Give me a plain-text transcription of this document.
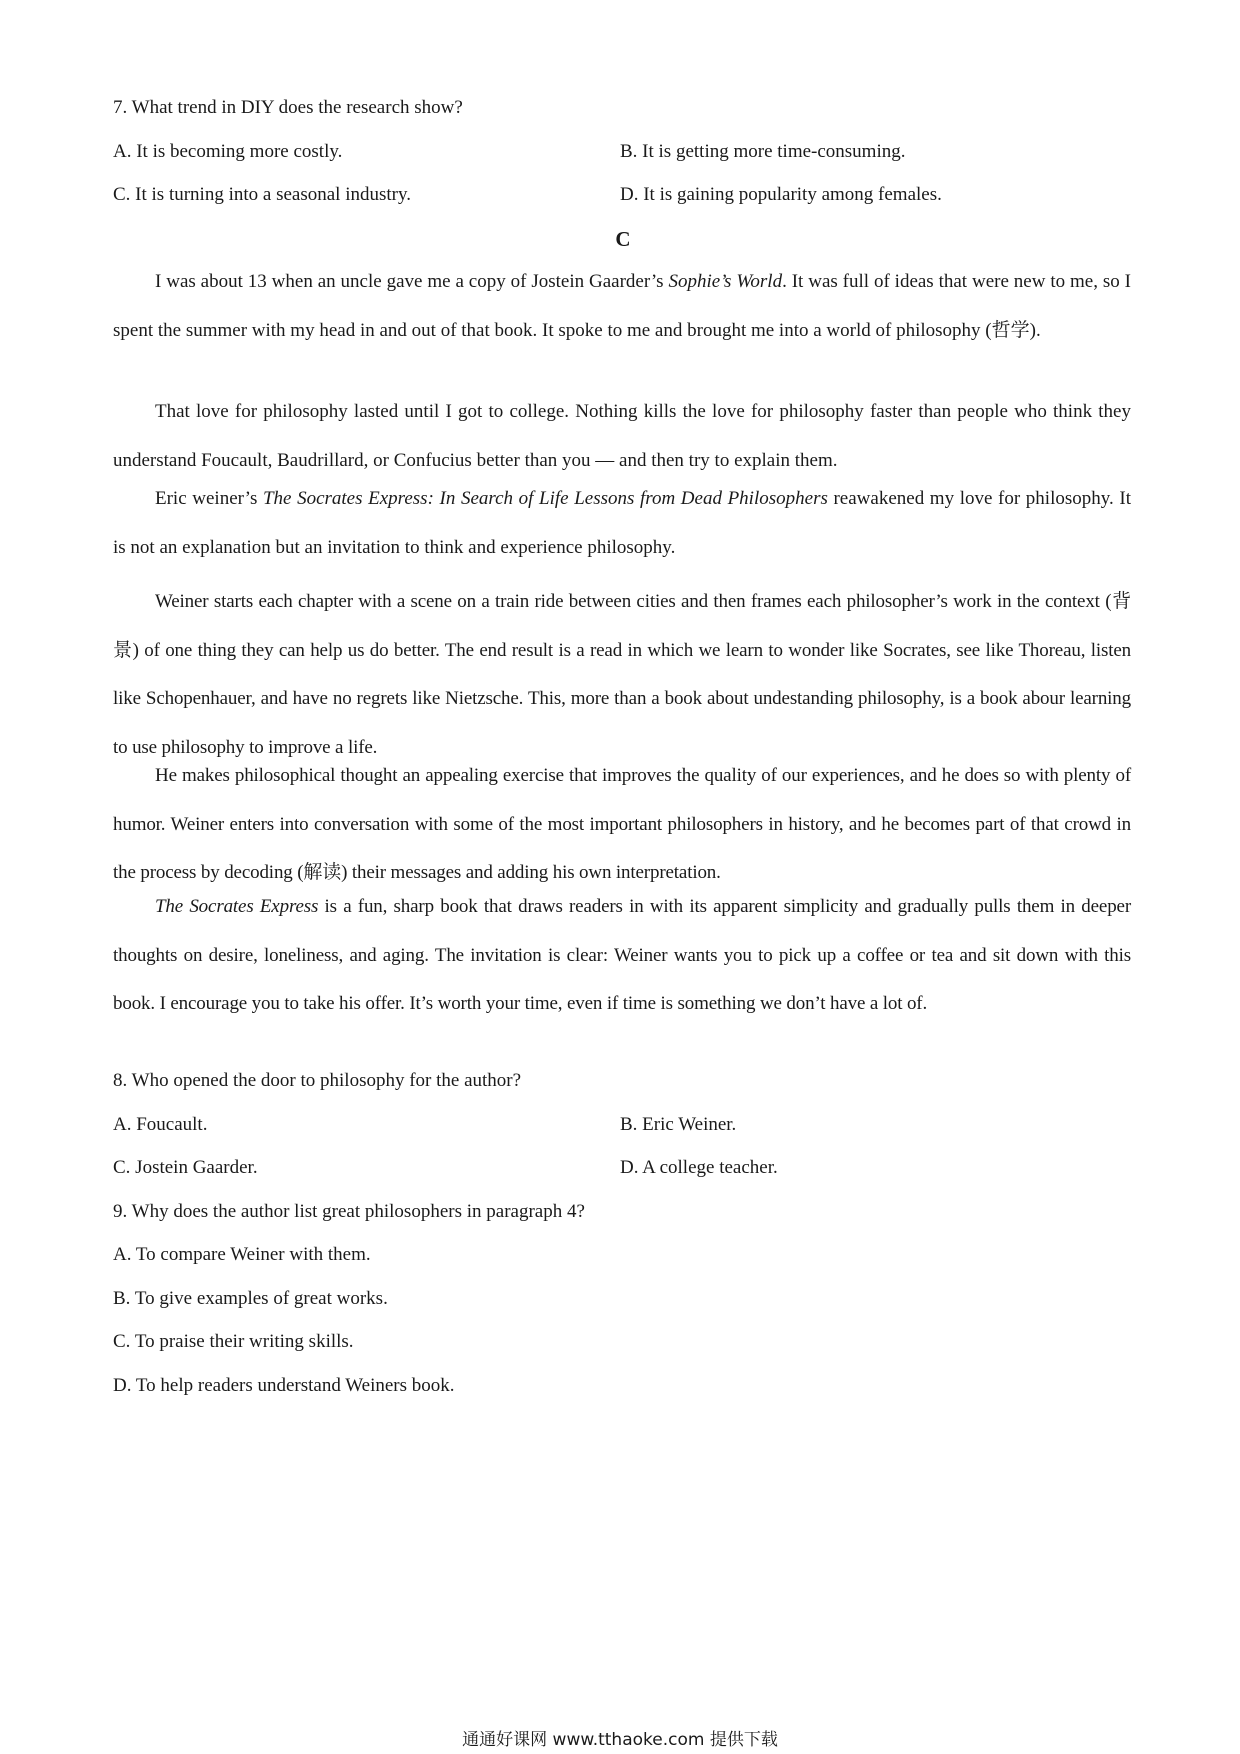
7. What trend in DIY does the research show?
A. It is becoming more costly.	B. It is getting more time-consuming.
C. It is turning into a seasonal industry.	D. It is gaining popularity among females.
C
I was about 13 when an uncle gave me a copy of Jostein Gaarder’s Sophie’s World. It was full of ideas that were new to me, so I spent the summer with my head in and out of that book. It spoke to me and brought me into a world of philosophy (哲学).
That love for philosophy lasted until I got to college. Nothing kills the love for philosophy faster than people who think they understand Foucault, Baudrillard, or Confucius better than you — and then try to explain them.
Eric weiner’s The Socrates Express: In Search of Life Lessons from Dead Philosophers reawakened my love for philosophy. It is not an explanation but an invitation to think and experience philosophy.
Weiner starts each chapter with a scene on a train ride between cities and then frames each philosopher’s work in the context (背景) of one thing they can help us do better. The end result is a read in which we learn to wonder like Socrates, see like Thoreau, listen like Schopenhauer, and have no regrets like Nietzsche. This, more than a book about undestanding philosophy, is a book abour learning to use philosophy to improve a life.
He makes philosophical thought an appealing exercise that improves the quality of our experiences, and he does so with plenty of humor. Weiner enters into conversation with some of the most important philosophers in history, and he becomes part of that crowd in the process by decoding (解读) their messages and adding his own interpretation.
The Socrates Express is a fun, sharp book that draws readers in with its apparent simplicity and gradually pulls them in deeper thoughts on desire, loneliness, and aging. The invitation is clear: Weiner wants you to pick up a coffee or tea and sit down with this book. I encourage you to take his offer. It’s worth your time, even if time is something we don’t have a lot of.
8. Who opened the door to philosophy for the author?
A. Foucault.	B. Eric Weiner.
C. Jostein Gaarder.	D. A college teacher.
9. Why does the author list great philosophers in paragraph 4?
A. To compare Weiner with them.
B. To give examples of great works.
C. To praise their writing skills.
D. To help readers understand Weiners book.
通通好课网 www.tthaoke.com 提供下载
